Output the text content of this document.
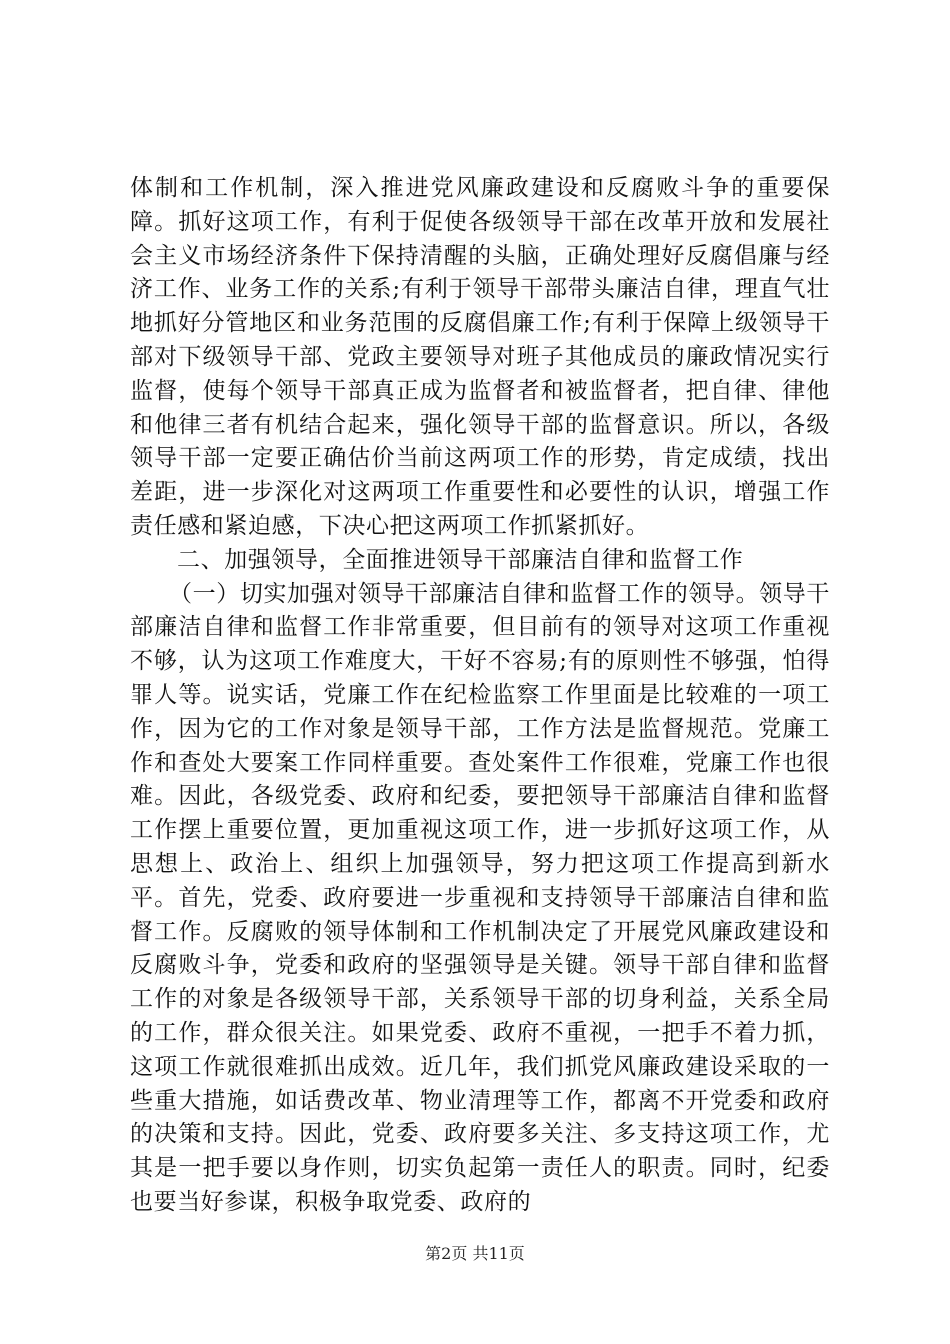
体制和工作机制，深入推进党风廉政建设和反腐败斗争的重要保障。抓好这项工作，有利于促使各级领导干部在改革开放和发展社会主义市场经济条件下保持清醒的头脑，正确处理好反腐倡廉与经济工作、业务工作的关系;有利于领导干部带头廉洁自律，理直气壮地抓好分管地区和业务范围的反腐倡廉工作;有利于保障上级领导干部对下级领导干部、党政主要领导对班子其他成员的廉政情况实行监督，使每个领导干部真正成为监督者和被监督者，把自律、律他和他律三者有机结合起来，强化领导干部的监督意识。所以，各级领导干部一定要正确估价当前这两项工作的形势，肯定成绩，找出差距，进一步深化对这两项工作重要性和必要性的认识，增强工作责任感和紧迫感，下决心把这两项工作抓紧抓好。

二、加强领导，全面推进领导干部廉洁自律和监督工作

（一）切实加强对领导干部廉洁自律和监督工作的领导。领导干部廉洁自律和监督工作非常重要，但目前有的领导对这项工作重视不够，认为这项工作难度大，干好不容易;有的原则性不够强，怕得罪人等。说实话，党廉工作在纪检监察工作里面是比较难的一项工作，因为它的工作对象是领导干部，工作方法是监督规范。党廉工作和查处大要案工作同样重要。查处案件工作很难，党廉工作也很难。因此，各级党委、政府和纪委，要把领导干部廉洁自律和监督工作摆上重要位置，更加重视这项工作，进一步抓好这项工作，从思想上、政治上、组织上加强领导，努力把这项工作提高到新水平。首先，党委、政府要进一步重视和支持领导干部廉洁自律和监督工作。反腐败的领导体制和工作机制决定了开展党风廉政建设和反腐败斗争，党委和政府的坚强领导是关键。领导干部自律和监督工作的对象是各级领导干部，关系领导干部的切身利益，关系全局的工作，群众很关注。如果党委、政府不重视，一把手不着力抓，这项工作就很难抓出成效。近几年，我们抓党风廉政建设采取的一些重大措施，如话费改革、物业清理等工作，都离不开党委和政府的决策和支持。因此，党委、政府要多关注、多支持这项工作，尤其是一把手要以身作则，切实负起第一责任人的职责。同时，纪委也要当好参谋，积极争取党委、政府的

第2页 共11页
